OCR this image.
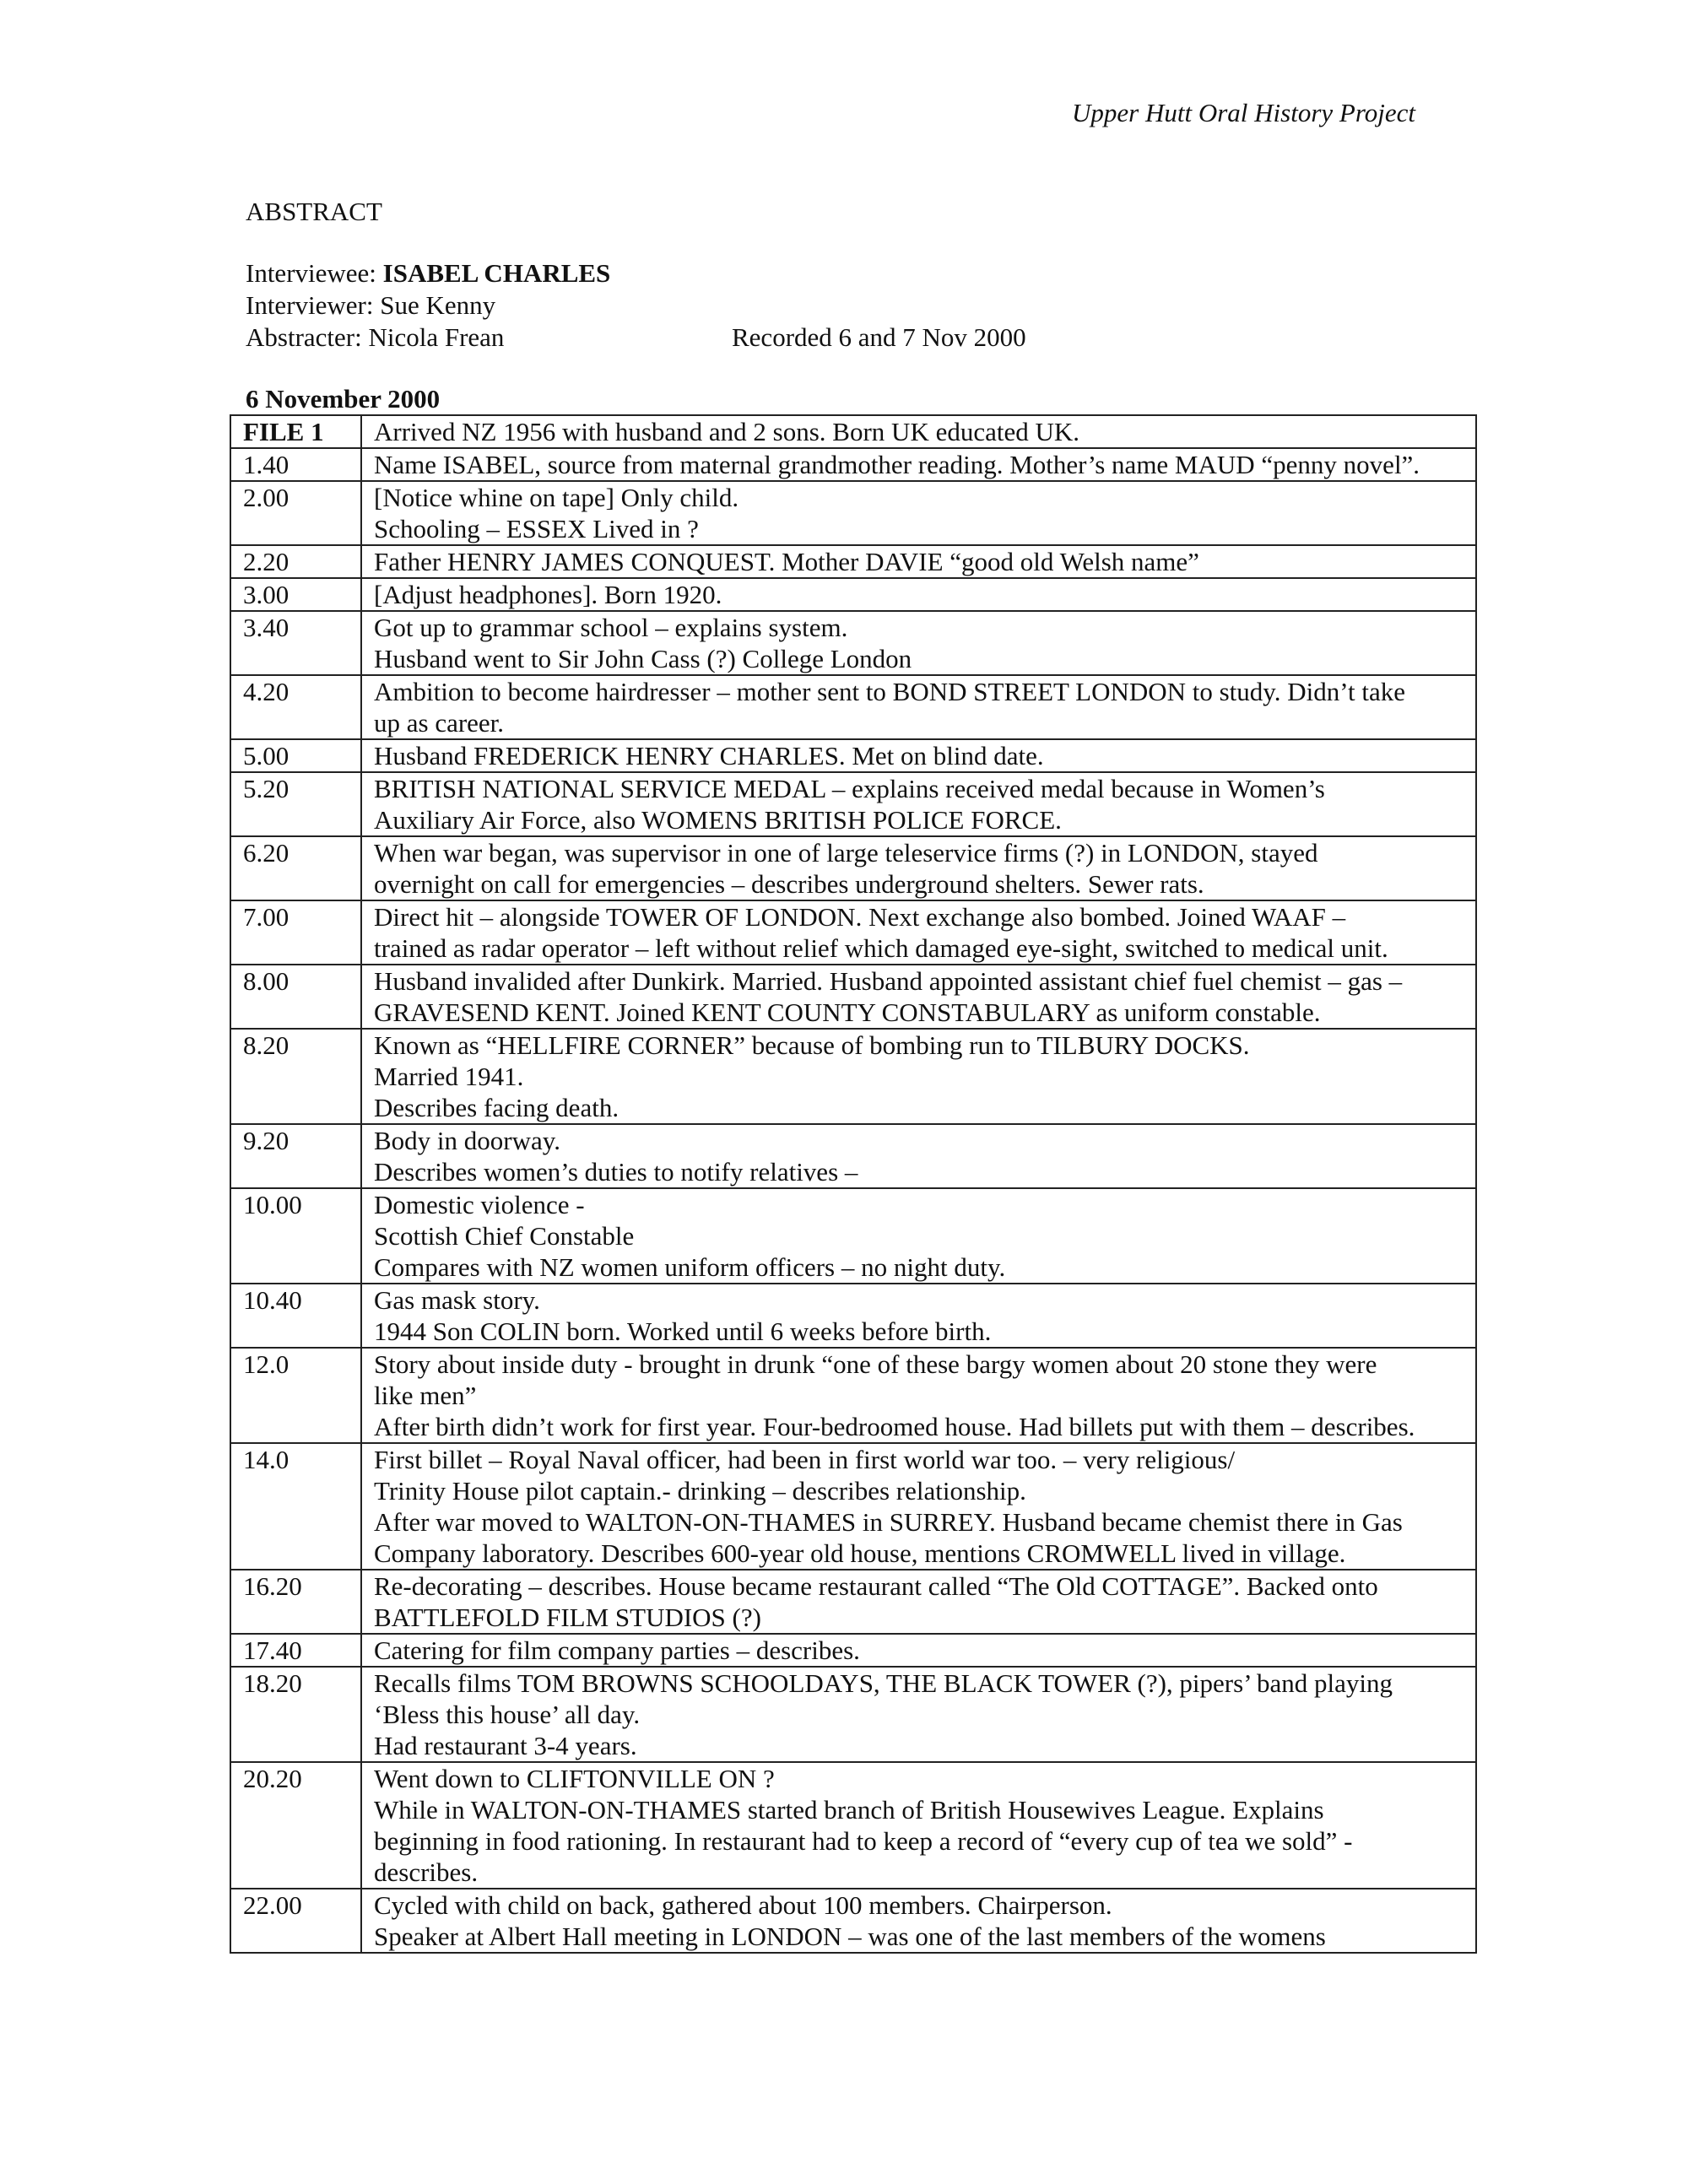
Upper Hutt Oral History Project
ABSTRACT
Interviewee: ISABEL CHARLES
Interviewer: Sue Kenny
Abstracter: Nicola Frean	Recorded 6 and 7 Nov 2000
6 November 2000
FILE 1	Arrived NZ 1956 with husband and 2 sons. Born UK educated UK.

1.40	Name ISABEL, source from maternal grandmother reading. Mother’s name MAUD “penny novel”.

2.00	[Notice whine on tape] Only child.
Schooling – ESSEX Lived in ?

2.20	Father HENRY JAMES CONQUEST. Mother DAVIE “good old Welsh name”

3.00	[Adjust headphones]. Born 1920.

3.40	Got up to grammar school – explains system.
Husband went to Sir John Cass (?) College London

4.20	Ambition to become hairdresser – mother sent to BOND STREET LONDON to study. Didn’t take
up as career.

5.00	Husband FREDERICK HENRY CHARLES. Met on blind date.

5.20	BRITISH NATIONAL SERVICE MEDAL – explains received medal because in Women’s
Auxiliary Air Force, also WOMENS BRITISH POLICE FORCE.

6.20	When war began, was supervisor in one of large teleservice firms (?) in LONDON, stayed
overnight on call for emergencies – describes underground shelters. Sewer rats.

7.00	Direct hit – alongside TOWER OF LONDON. Next exchange also bombed. Joined WAAF –
trained as radar operator – left without relief which damaged eye-sight, switched to medical unit.

8.00	Husband invalided after Dunkirk. Married. Husband appointed assistant chief fuel chemist – gas –
GRAVESEND KENT. Joined KENT COUNTY CONSTABULARY as uniform constable.

8.20	Known as “HELLFIRE CORNER” because of bombing run to TILBURY DOCKS.
Married 1941.
Describes facing death.

9.20	Body in doorway.
Describes women’s duties to notify relatives –

10.00	Domestic violence -
Scottish Chief Constable
Compares with NZ women uniform officers – no night duty.

10.40	Gas mask story.
1944 Son COLIN born. Worked until 6 weeks before birth.

12.0	Story about inside duty - brought in drunk “one of these bargy women about 20 stone they were
like men”
After birth didn’t work for first year. Four-bedroomed house. Had billets put with them – describes.

14.0	First billet – Royal Naval officer, had been in first world war too. – very religious/
Trinity House pilot captain.- drinking – describes relationship.
After war moved to WALTON-ON-THAMES in SURREY. Husband became chemist there in Gas
Company laboratory. Describes 600-year old house, mentions CROMWELL lived in village.

16.20	Re-decorating – describes. House became restaurant called “The Old COTTAGE”. Backed onto
BATTLEFOLD FILM STUDIOS (?)

17.40	Catering for film company parties – describes.

18.20	Recalls films TOM BROWNS SCHOOLDAYS, THE BLACK TOWER (?), pipers’ band playing
‘Bless this house’ all day.
Had restaurant 3-4 years.

20.20	Went down to CLIFTONVILLE ON ?
While in WALTON-ON-THAMES started branch of British Housewives League. Explains
beginning in food rationing. In restaurant had to keep a record of “every cup of tea we sold” -
describes.

22.00	Cycled with child on back, gathered about 100 members. Chairperson.
Speaker at Albert Hall meeting in LONDON – was one of the last members of the womens
